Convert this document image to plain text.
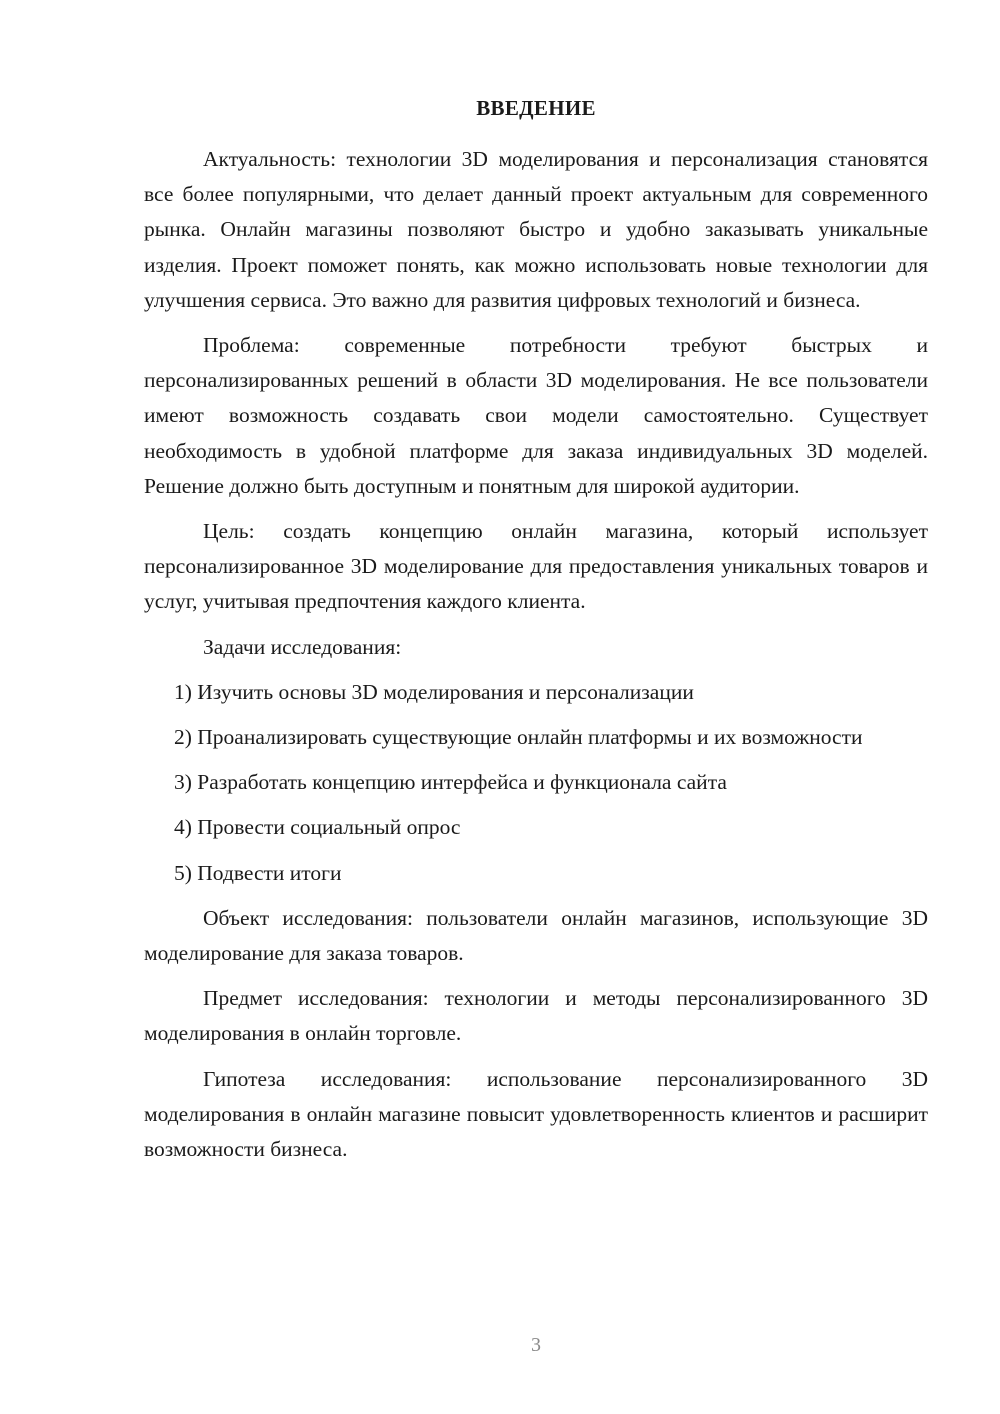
ВВЕДЕНИЕ

Актуальность: технологии 3D моделирования и персонализация становятся все более популярными, что делает данный проект актуальным для современного рынка. Онлайн магазины позволяют быстро и удобно заказывать уникальные изделия. Проект поможет понять, как можно использовать новые технологии для улучшения сервиса. Это важно для развития цифровых технологий и бизнеса.

Проблема: современные потребности требуют быстрых и персонализированных решений в области 3D моделирования. Не все пользователи имеют возможность создавать свои модели самостоятельно. Существует необходимость в удобной платформе для заказа индивидуальных 3D моделей. Решение должно быть доступным и понятным для широкой аудитории.

Цель: создать концепцию онлайн магазина, который использует персонализированное 3D моделирование для предоставления уникальных товаров и услуг, учитывая предпочтения каждого клиента.

Задачи исследования:

1) Изучить основы 3D моделирования и персонализации

2) Проанализировать существующие онлайн платформы и их возможности

3) Разработать концепцию интерфейса и функционала сайта

4) Провести социальный опрос

5) Подвести итоги

Объект исследования: пользователи онлайн магазинов, использующие 3D моделирование для заказа товаров.

Предмет исследования: технологии и методы персонализированного 3D моделирования в онлайн торговле.

Гипотеза исследования: использование персонализированного 3D моделирования в онлайн магазине повысит удовлетворенность клиентов и расширит возможности бизнеса.

3
